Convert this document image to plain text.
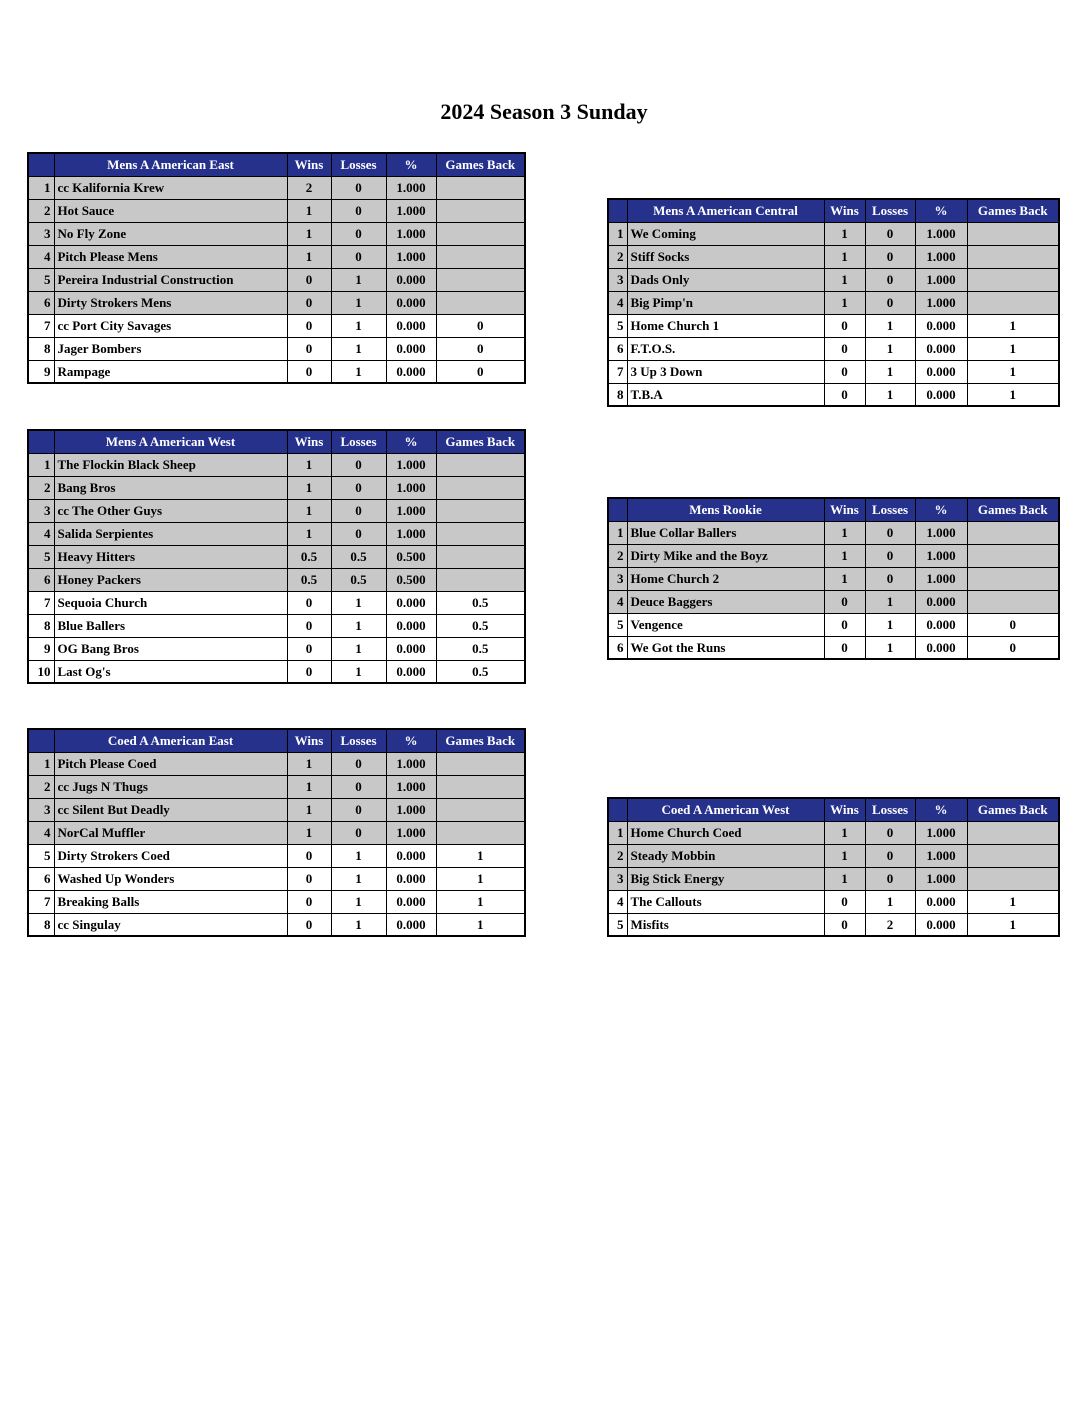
2024 Season 3 Sunday
	Mens A American East	Wins	Losses	%	Games Back
1	cc Kalifornia Krew	2	0	1.000	
2	Hot Sauce	1	0	1.000	
3	No Fly Zone	1	0	1.000	
4	Pitch Please Mens	1	0	1.000	
5	Pereira Industrial Construction	0	1	0.000	
6	Dirty Strokers Mens	0	1	0.000	
7	cc Port City Savages	0	1	0.000	0
8	Jager Bombers	0	1	0.000	0
9	Rampage	0	1	0.000	0
	Mens A American Central	Wins	Losses	%	Games Back
1	We Coming	1	0	1.000	
2	Stiff Socks	1	0	1.000	
3	Dads Only	1	0	1.000	
4	Big Pimp'n	1	0	1.000	
5	Home Church 1	0	1	0.000	1
6	F.T.O.S.	0	1	0.000	1
7	3 Up 3 Down	0	1	0.000	1
8	T.B.A	0	1	0.000	1
	Mens A American West	Wins	Losses	%	Games Back
1	The Flockin Black Sheep	1	0	1.000	
2	Bang Bros	1	0	1.000	
3	cc The Other Guys	1	0	1.000	
4	Salida Serpientes	1	0	1.000	
5	Heavy Hitters	0.5	0.5	0.500	
6	Honey Packers	0.5	0.5	0.500	
7	Sequoia Church	0	1	0.000	0.5
8	Blue Ballers	0	1	0.000	0.5
9	OG Bang Bros	0	1	0.000	0.5
10	Last Og's	0	1	0.000	0.5
	Mens Rookie	Wins	Losses	%	Games Back
1	Blue Collar Ballers	1	0	1.000	
2	Dirty Mike and the Boyz	1	0	1.000	
3	Home Church 2	1	0	1.000	
4	Deuce Baggers	0	1	0.000	
5	Vengence	0	1	0.000	0
6	We Got the Runs	0	1	0.000	0
	Coed A American East	Wins	Losses	%	Games Back
1	Pitch Please Coed	1	0	1.000	
2	cc Jugs N Thugs	1	0	1.000	
3	cc Silent But Deadly	1	0	1.000	
4	NorCal Muffler	1	0	1.000	
5	Dirty Strokers Coed	0	1	0.000	1
6	Washed Up Wonders	0	1	0.000	1
7	Breaking Balls	0	1	0.000	1
8	cc Singulay	0	1	0.000	1
	Coed A American West	Wins	Losses	%	Games Back
1	Home Church Coed	1	0	1.000	
2	Steady Mobbin	1	0	1.000	
3	Big Stick Energy	1	0	1.000	
4	The Callouts	0	1	0.000	1
5	Misfits	0	2	0.000	1
